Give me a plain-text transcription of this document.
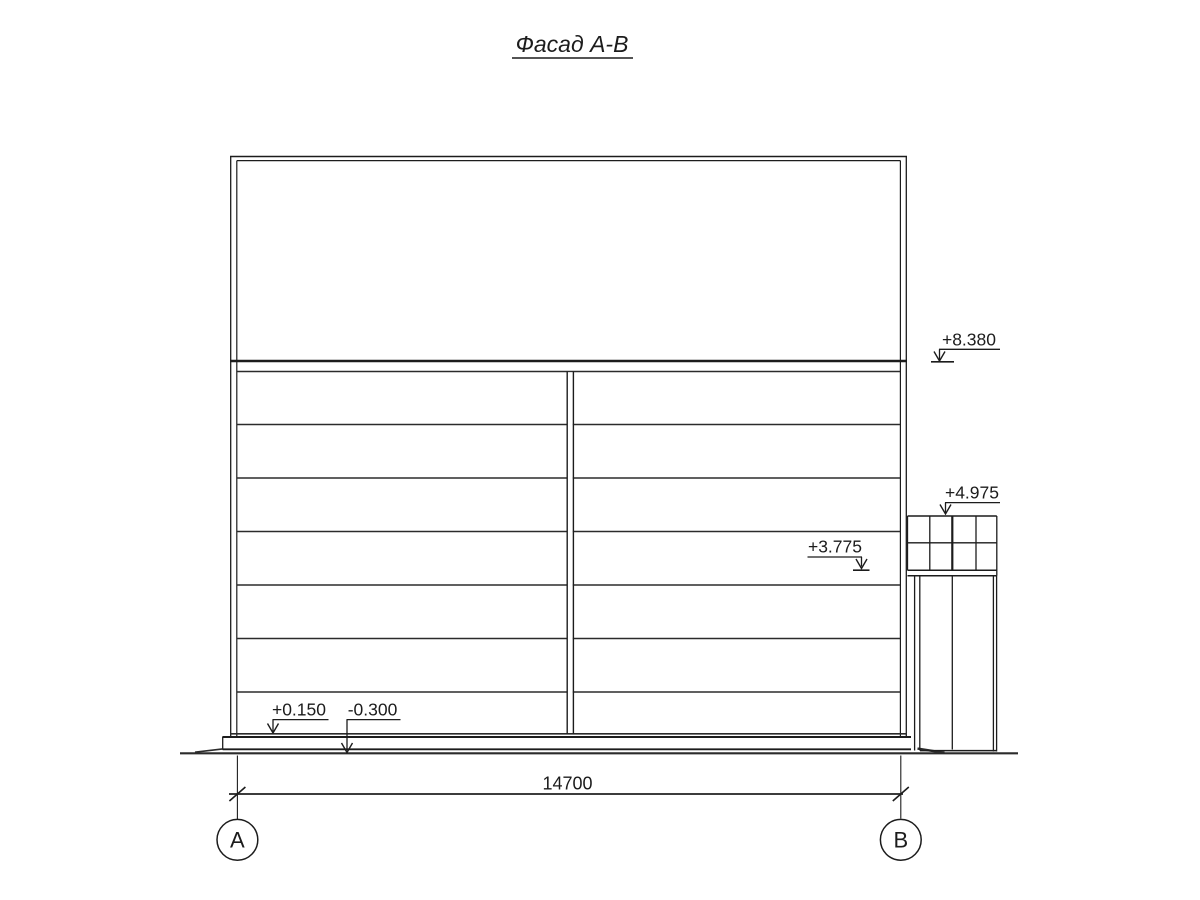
Фасад А-В
+8.380
+4.975
+3.775
+0.150 -0.300
14700
А	В
